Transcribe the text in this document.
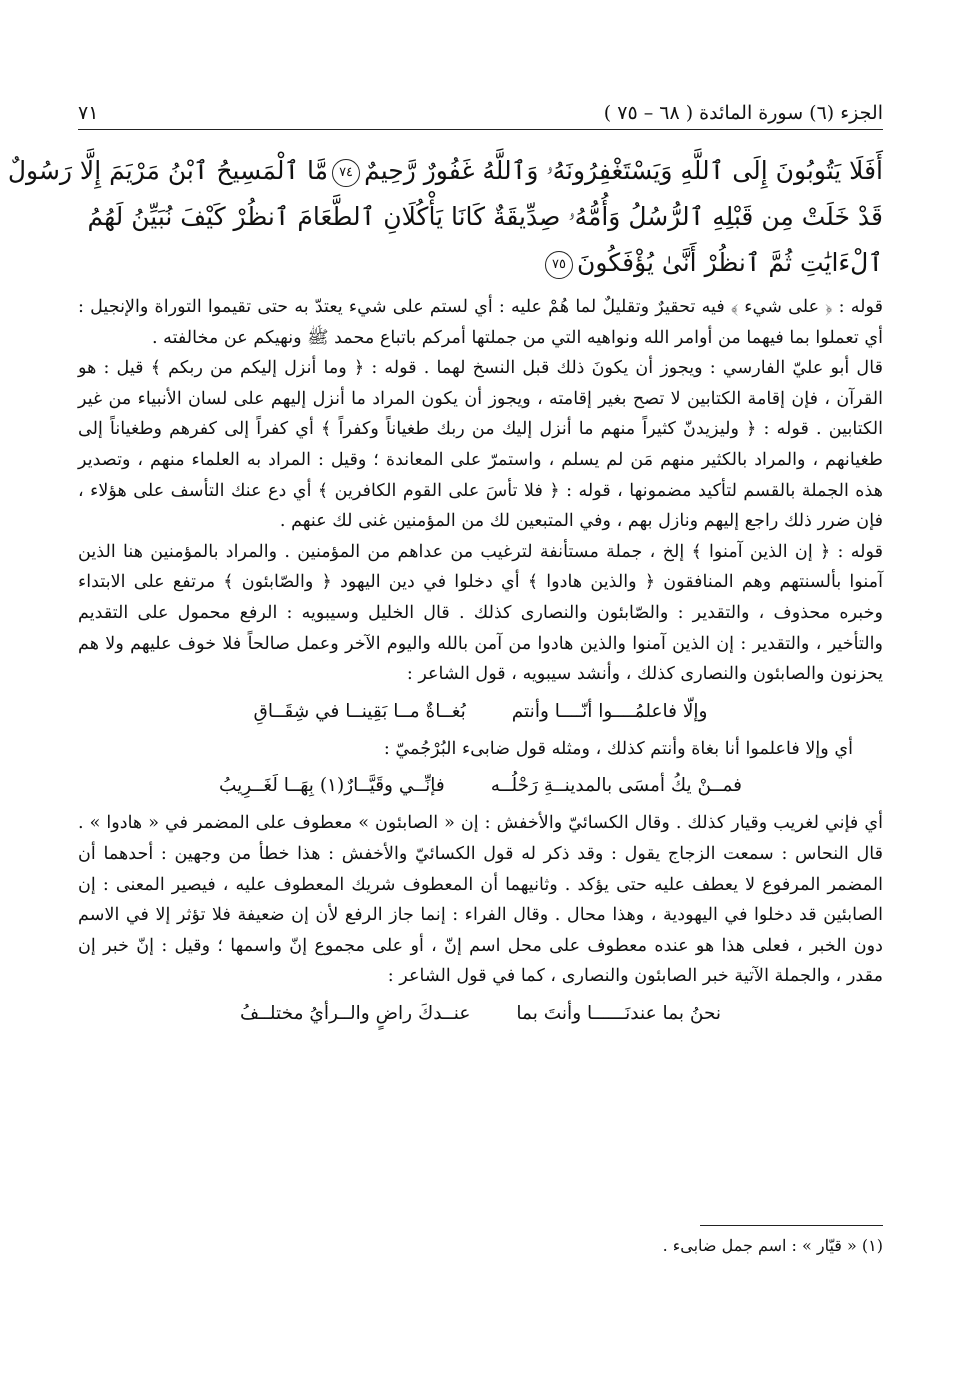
الجزء (٦) سورة المائدة ( ٦٨ – ٧٥ )
٧١
أَفَلَا يَتُوبُونَ إِلَى ٱللَّهِ وَيَسْتَغْفِرُونَهُۥ وَٱللَّهُ غَفُورٌ رَّحِيمٌ٧٤مَّا ٱلْمَسِيحُ ٱبْنُ مَرْيَمَ إِلَّا رَسُولٌ
قَدْ خَلَتْ مِن قَبْلِهِ ٱلرُّسُلُ وَأُمُّهُۥ صِدِّيقَةٌ كَانَا يَأْكُلَانِ ٱلطَّعَامَ ٱنظُرْ كَيْفَ نُبَيِّنُ لَهُمُ
ٱلْءَايَٰتِ ثُمَّ ٱنظُرْ أَنَّىٰ يُؤْفَكُونَ٧٥

قوله : ﴿ على شيء ﴾ فيه تحقيرٌ وتقليلٌ لما هُمْ عليه : أي لستم على شيء يعتدّ به حتى تقيموا التوراة والإنجيل : أي تعملوا بما فيهما من أوامر الله ونواهيه التي من جملتها أمركم باتباع محمد ﷺ ونهيكم عن مخالفته .

قال أبو عليّ الفارسي : ويجوز أن يكونَ ذلك قبل النسخ لهما . قوله : ﴿ وما أنزل إليكم من ربكم ﴾ قيل : هو القرآن ، فإن إقامة الكتابين لا تصح بغير إقامته ، ويجوز أن يكون المراد ما أنزل إليهم على لسان الأنبياء من غير الكتابين . قوله : ﴿ وليزيدنّ كثيراً منهم ما أنزل إليك من ربك طغياناً وكفراً ﴾ أي كفراً إلى كفرهم وطغياناً إلى طغيانهم ، والمراد بالكثير منهم مَن لم يسلم ، واستمرّ على المعاندة ؛ وقيل : المراد به العلماء منهم ، وتصدير هذه الجملة بالقسم لتأكيد مضمونها ، قوله : ﴿ فلا تأسَ على القوم الكافرين ﴾ أي دع عنك التأسف على هؤلاء ، فإن ضرر ذلك راجع إليهم ونازل بهم ، وفي المتبعين لك من المؤمنين غنى لك عنهم .

قوله : ﴿ إن الذين آمنوا ﴾ إلخ ، جملة مستأنفة لترغيب من عداهم من المؤمنين . والمراد بالمؤمنين هنا الذين آمنوا بألسنتهم وهم المنافقون ﴿ والذين هادوا ﴾ أي دخلوا في دين اليهود ﴿ والصّابئون ﴾ مرتفع على الابتداء وخبره محذوف ، والتقدير : والصّابئون والنصارى كذلك . قال الخليل وسيبويه : الرفع محمول على التقديم والتأخير ، والتقدير : إن الذين آمنوا والذين هادوا من آمن بالله واليوم الآخر وعمل صالحاً فلا خوف عليهم ولا هم يحزنون والصابئون والنصارى كذلك ، وأنشد سيبويه ، قول الشاعر :

وإلّا فاعلمُــــوا أنّــــا وأنتم
بُغــاةٌ مــا بَقِينــا في شِقَــاقِ

أي وإلا فاعلموا أنا بغاة وأنتم كذلك ، ومثله قول ضابىء البُرْجُميّ :

فمــنْ يكُ أمسَى بالمدينــةِ رَحْلُــه
فإنِّــي وقَيَّــارٌ(١) بِهَــا لَغَــرِيبُ

أي فإني لغريب وقيار كذلك . وقال الكسائيّ والأخفش : إن « الصابئون » معطوف على المضمر في « هادوا » . قال النحاس : سمعت الزجاج يقول : وقد ذكر له قول الكسائيّ والأخفش : هذا خطأ من وجهين : أحدهما أن المضمر المرفوع لا يعطف عليه حتى يؤكد . وثانيهما أن المعطوف شريك المعطوف عليه ، فيصير المعنى : إن الصابئين قد دخلوا في اليهودية ، وهذا محال . وقال الفراء : إنما جاز الرفع لأن إن ضعيفة فلا تؤثر إلا في الاسم دون الخبر ، فعلى هذا هو عنده معطوف على محل اسم إنّ ، أو على مجموع إنّ واسمها ؛ وقيل : إنّ خبر إن مقدر ، والجملة الآتية خبر الصابئون والنصارى ، كما في قول الشاعر :

نحنُ بما عندنَــــــا وأنتَ بما
عنــدكَ راضٍ والــرأيُ مختلــفُ
(١) « قيّار » : اسم جمل ضابىء .
